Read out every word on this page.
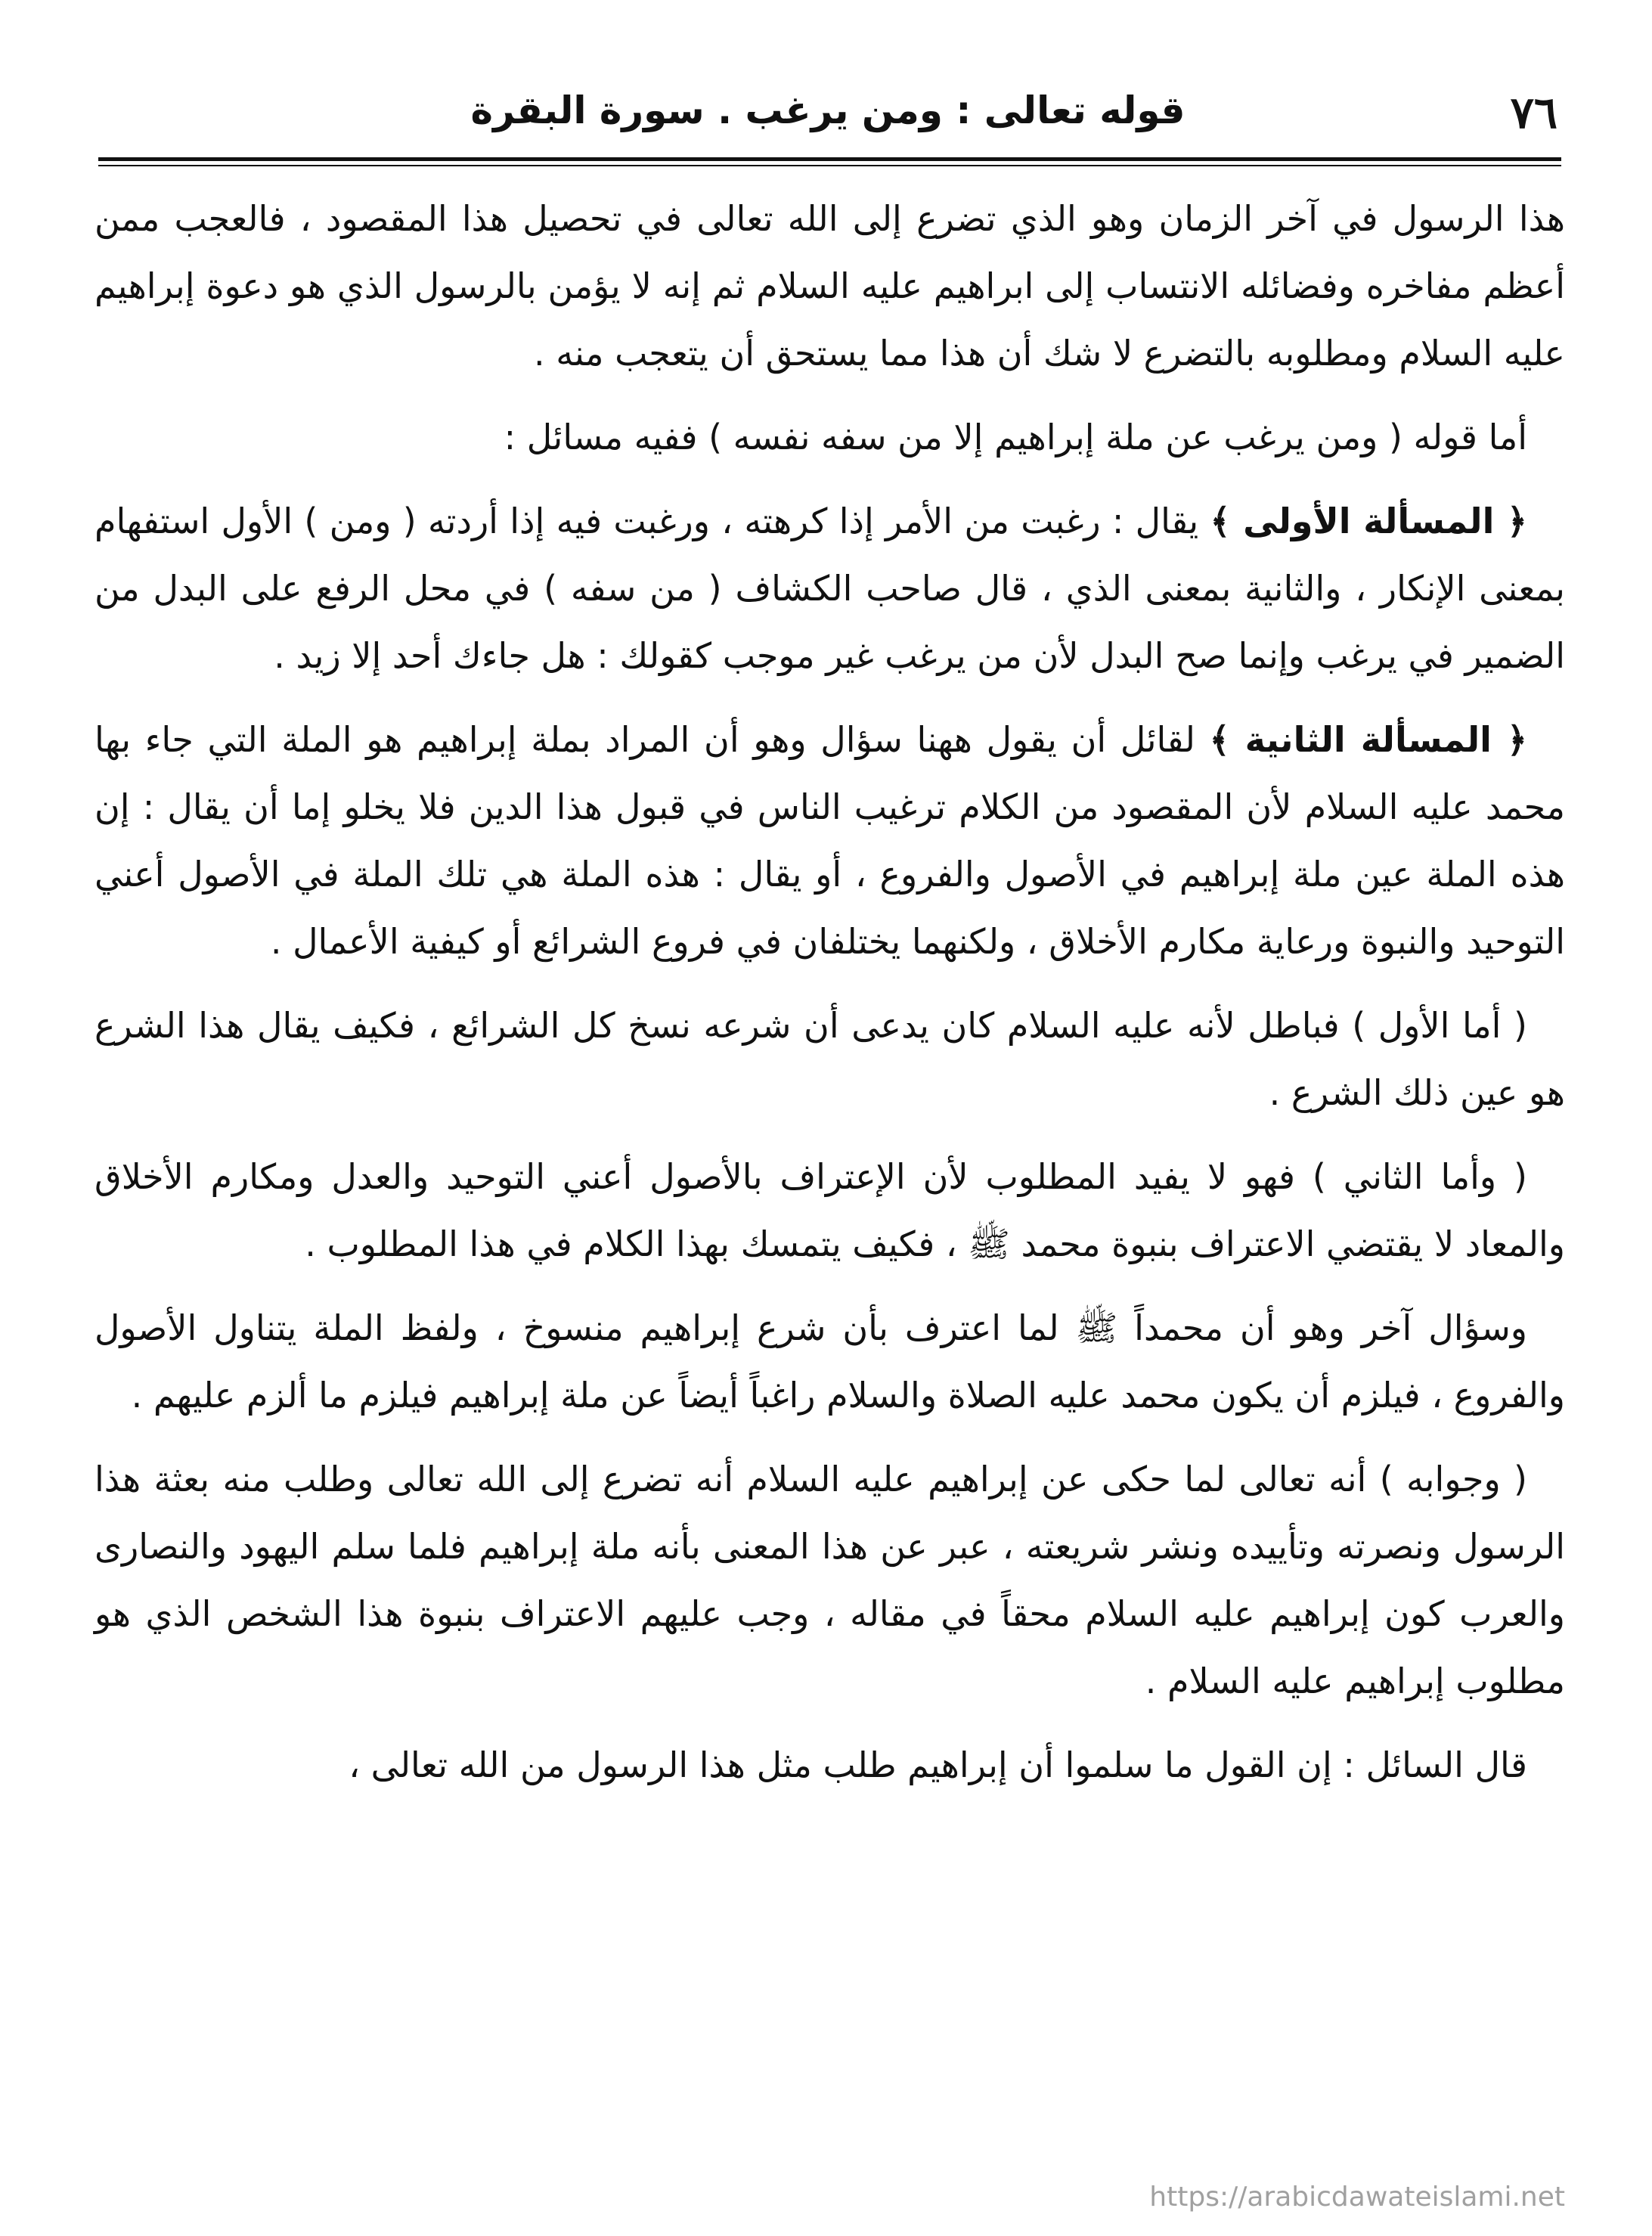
٧٦
قوله تعالى : ومن يرغب . سورة البقرة

هذا الرسول في آخر الزمان وهو الذي تضرع إلى الله تعالى في تحصيل هذا المقصود ، فالعجب ممن أعظم مفاخره وفضائله الانتساب إلى ابراهيم عليه السلام ثم إنه لا يؤمن بالرسول الذي هو دعوة إبراهيم عليه السلام ومطلوبه بالتضرع لا شك أن هذا مما يستحق أن يتعجب منه .

أما قوله ( ومن يرغب عن ملة إبراهيم إلا من سفه نفسه ) ففيه مسائل :

﴿ المسألة الأولى ﴾ يقال : رغبت من الأمر إذا كرهته ، ورغبت فيه إذا أردته ( ومن ) الأول استفهام بمعنى الإنكار ، والثانية بمعنى الذي ، قال صاحب الكشاف ( من سفه ) في محل الرفع على البدل من الضمير في يرغب وإنما صح البدل لأن من يرغب غير موجب كقولك : هل جاءك أحد إلا زيد .

﴿ المسألة الثانية ﴾ لقائل أن يقول ههنا سؤال وهو أن المراد بملة إبراهيم هو الملة التي جاء بها محمد عليه السلام لأن المقصود من الكلام ترغيب الناس في قبول هذا الدين فلا يخلو إما أن يقال : إن هذه الملة عين ملة إبراهيم في الأصول والفروع ، أو يقال : هذه الملة هي تلك الملة في الأصول أعني التوحيد والنبوة ورعاية مكارم الأخلاق ، ولكنهما يختلفان في فروع الشرائع أو كيفية الأعمال .

( أما الأول ) فباطل لأنه عليه السلام كان يدعى أن شرعه نسخ كل الشرائع ، فكيف يقال هذا الشرع هو عين ذلك الشرع .

( وأما الثاني ) فهو لا يفيد المطلوب لأن الإعتراف بالأصول أعني التوحيد والعدل ومكارم الأخلاق والمعاد لا يقتضي الاعتراف بنبوة محمد ﷺ ، فكيف يتمسك بهذا الكلام في هذا المطلوب .

وسؤال آخر وهو أن محمداً ﷺ لما اعترف بأن شرع إبراهيم منسوخ ، ولفظ الملة يتناول الأصول والفروع ، فيلزم أن يكون محمد عليه الصلاة والسلام راغباً أيضاً عن ملة إبراهيم فيلزم ما ألزم عليهم .

( وجوابه ) أنه تعالى لما حكى عن إبراهيم عليه السلام أنه تضرع إلى الله تعالى وطلب منه بعثة هذا الرسول ونصرته وتأييده ونشر شريعته ، عبر عن هذا المعنى بأنه ملة إبراهيم فلما سلم اليهود والنصارى والعرب كون إبراهيم عليه السلام محقاً في مقاله ، وجب عليهم الاعتراف بنبوة هذا الشخص الذي هو مطلوب إبراهيم عليه السلام .

قال السائل : إن القول ما سلموا أن إبراهيم طلب مثل هذا الرسول من الله تعالى ،

https://arabicdawateislami.net
